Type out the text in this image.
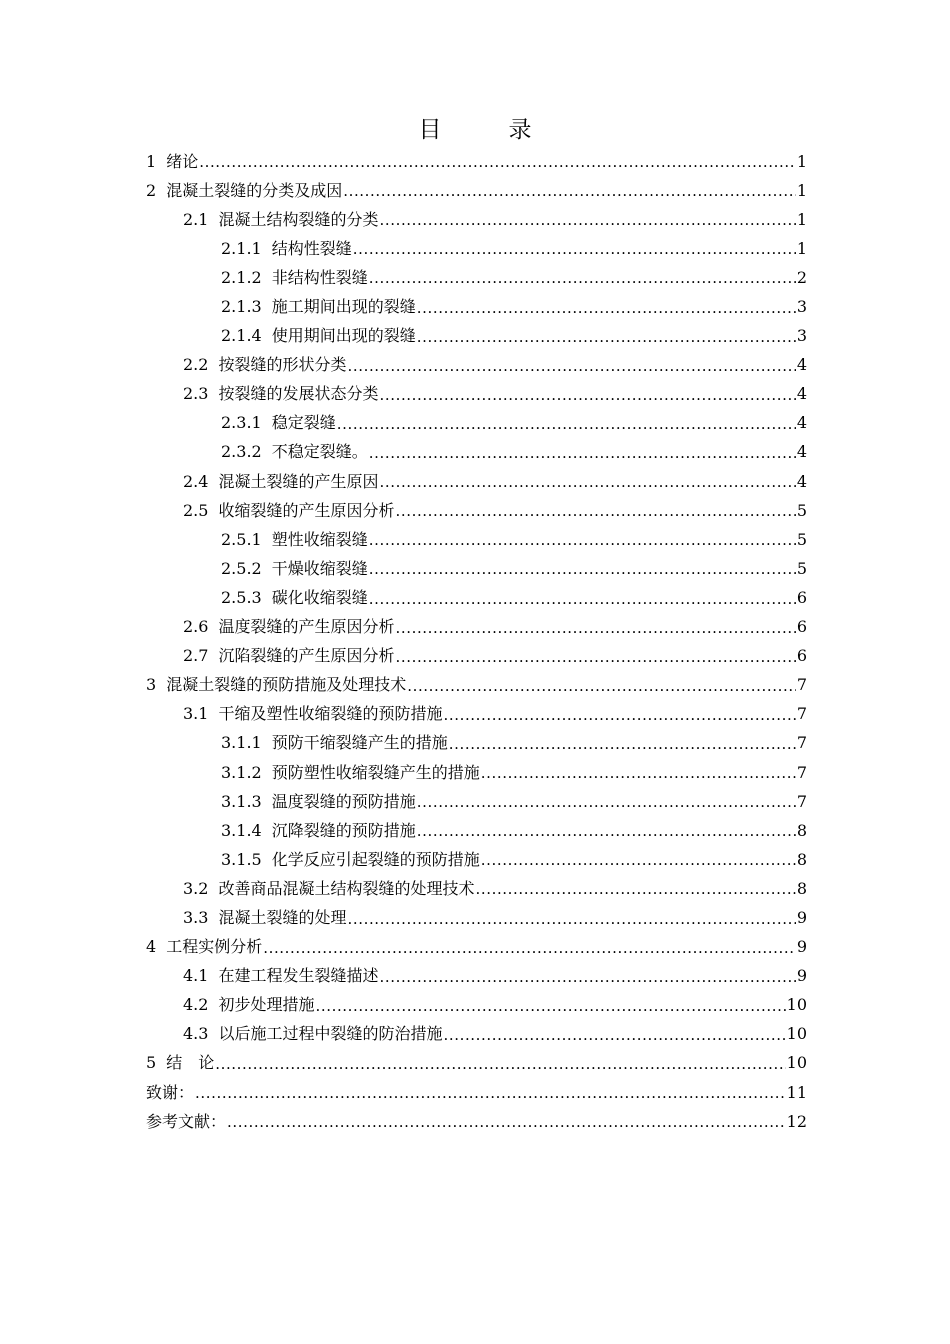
目　录
1 绪论 .....	1
2 混凝土裂缝的分类及成因 .....	1
2.1 混凝土结构裂缝的分类 .....	1
2.1.1 结构性裂缝 .....	1
2.1.2 非结构性裂缝 .....	2
2.1.3 施工期间出现的裂缝 .....	3
2.1.4 使用期间出现的裂缝 .....	3
2.2 按裂缝的形状分类 .....	4
2.3 按裂缝的发展状态分类 .....	4
2.3.1 稳定裂缝 .....	4
2.3.2 不稳定裂缝。 .....	4
2.4 混凝土裂缝的产生原因 .....	4
2.5 收缩裂缝的产生原因分析 .....	5
2.5.1 塑性收缩裂缝 .....	5
2.5.2 干燥收缩裂缝 .....	5
2.5.3 碳化收缩裂缝 .....	6
2.6 温度裂缝的产生原因分析 .....	6
2.7 沉陷裂缝的产生原因分析 .....	6
3 混凝土裂缝的预防措施及处理技术 .....	7
3.1 干缩及塑性收缩裂缝的预防措施 .....	7
3.1.1 预防干缩裂缝产生的措施 .....	7
3.1.2 预防塑性收缩裂缝产生的措施 .....	7
3.1.3 温度裂缝的预防措施 .....	7
3.1.4 沉降裂缝的预防措施 .....	8
3.1.5 化学反应引起裂缝的预防措施 .....	8
3.2 改善商品混凝土结构裂缝的处理技术 .....	8
3.3 混凝土裂缝的处理 .....	9
4 工程实例分析 .....	9
4.1 在建工程发生裂缝描述 .....	9
4.2 初步处理措施 .....	10
4.3 以后施工过程中裂缝的防治措施 .....	10
5 结　论 .....	10
致谢： .....	11
参考文献： .....	12
